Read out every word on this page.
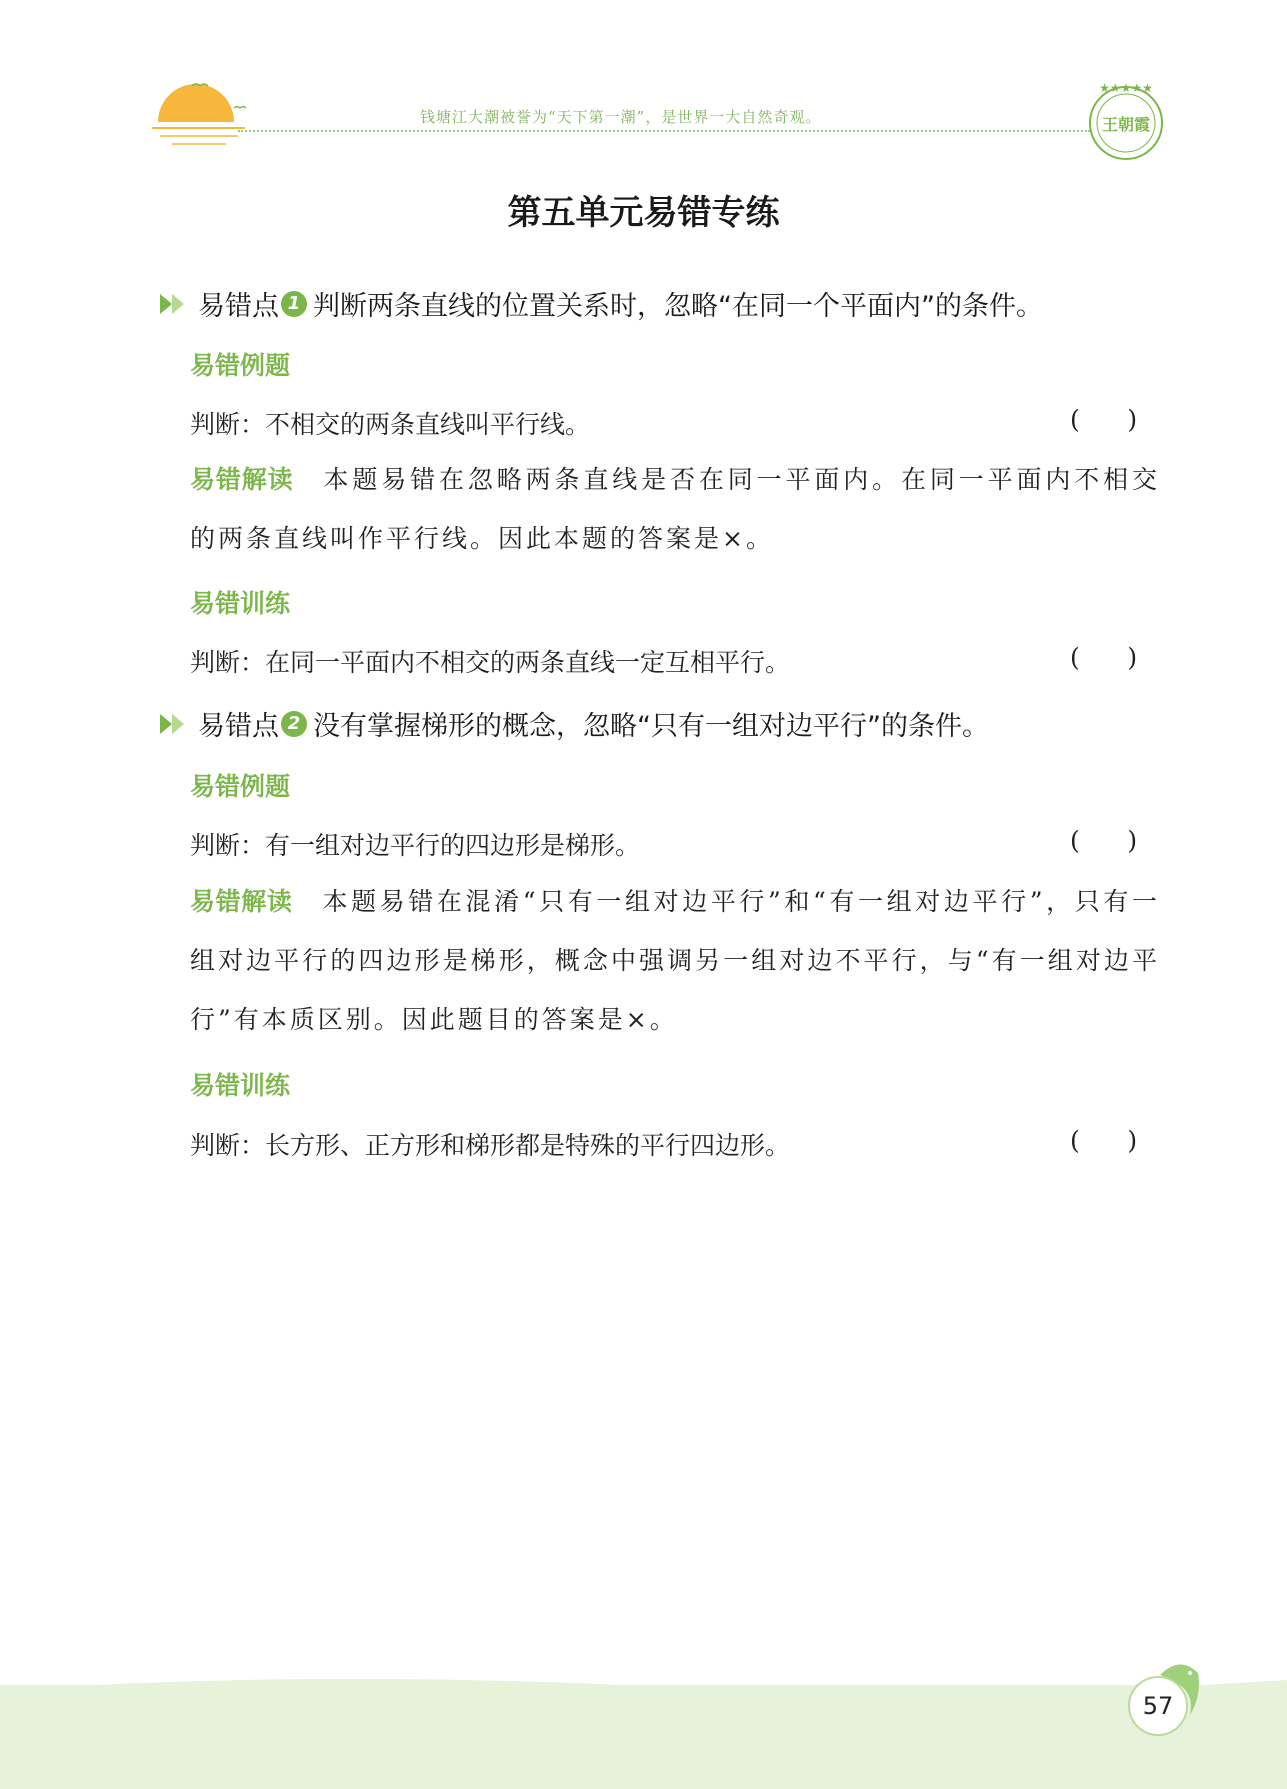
钱塘江大潮被誉为“天下第一潮”，是世界一大自然奇观。
★★★★★
王朝霞
第五单元易错专练
易错点 1 判断两条直线的位置关系时，忽略“在同一个平面内”的条件。
易错例题
判断：不相交的两条直线叫平行线。	(      )
易错解读 本题易错在忽略两条直线是否在同一平面内。在同一平面内不相交的两条直线叫作平行线。因此本题的答案是×。
易错训练
判断：在同一平面内不相交的两条直线一定互相平行。	(      )
易错点 2 没有掌握梯形的概念，忽略“只有一组对边平行”的条件。
易错例题
判断：有一组对边平行的四边形是梯形。	(      )
易错解读 本题易错在混淆“只有一组对边平行”和“有一组对边平行”，只有一组对边平行的四边形是梯形，概念中强调另一组对边不平行，与“有一组对边平行”有本质区别。因此题目的答案是×。
易错训练
判断：长方形、正方形和梯形都是特殊的平行四边形。	(      )
57
